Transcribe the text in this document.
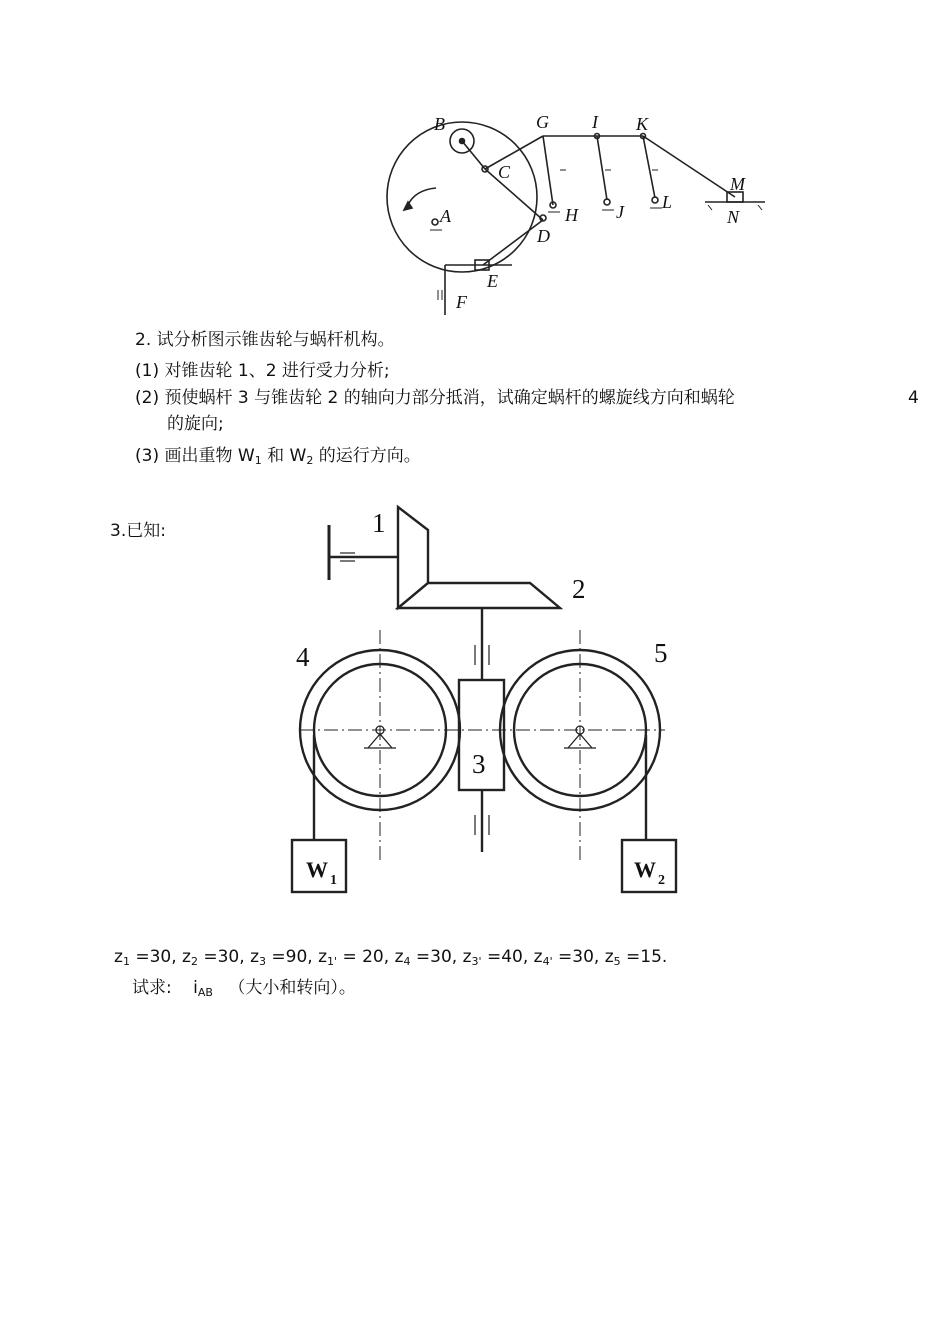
B
C
G I K
A	H
D
J L
M
N
E
F
2. 试分析图示锥齿轮与蜗杆机构。
(1) 对锥齿轮 1、2 进行受力分析;
(2) 预使蜗杆 3 与锥齿轮 2 的轴向力部分抵消，试确定蜗杆的螺旋线方向和蜗轮	4
的旋向;
(3) 画出重物 $W_1$ 和 $W_2$ 的运行方向。
3.已知:	1
2
3
4	5
W 1	W 2
$z_1 =30$, $z_2 =30$, $z_3 =90$, $z_{1'} = 20$, $z_4 =30$, $z_{3'} =40$, $z_{4'} =30$, $z_5 =15$.
试求: $i_{AB}$ （大小和转向）。
